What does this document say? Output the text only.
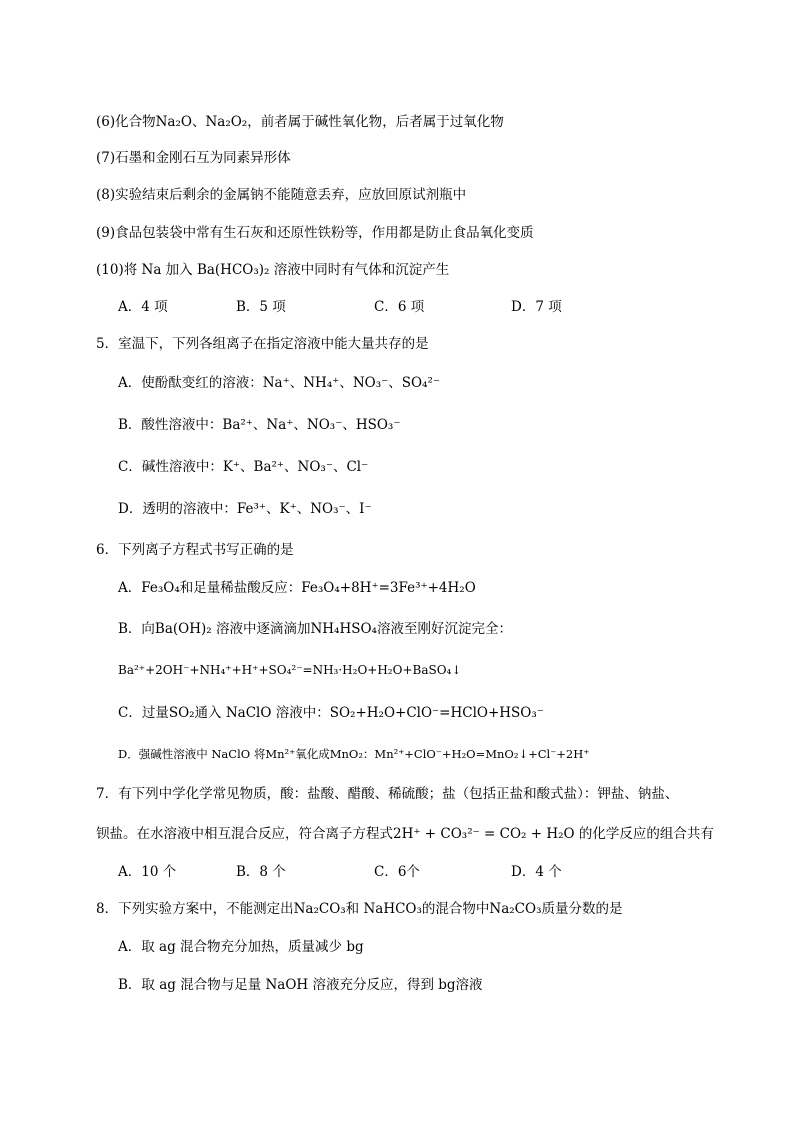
(6)化合物Na₂O、Na₂O₂，前者属于碱性氧化物，后者属于过氧化物
(7)石墨和金刚石互为同素异形体
(8)实验结束后剩余的金属钠不能随意丢弃，应放回原试剂瓶中
(9)食品包装袋中常有生石灰和还原性铁粉等，作用都是防止食品氧化变质
(10)将 Na 加入 Ba(HCO₃)₂ 溶液中同时有气体和沉淀产生
A．4 项	B．5 项	C．6 项	D．7 项
5．室温下，下列各组离子在指定溶液中能大量共存的是
A．使酚酞变红的溶液：Na⁺、NH₄⁺、NO₃⁻、SO₄²⁻
B．酸性溶液中：Ba²⁺、Na⁺、NO₃⁻、HSO₃⁻
C．碱性溶液中：K⁺、Ba²⁺、NO₃⁻、Cl⁻
D．透明的溶液中：Fe³⁺、K⁺、NO₃⁻、I⁻
6．下列离子方程式书写正确的是
A．Fe₃O₄和足量稀盐酸反应：Fe₃O₄+8H⁺=3Fe³⁺+4H₂O
B．向Ba(OH)₂ 溶液中逐滴滴加NH₄HSO₄溶液至刚好沉淀完全：
Ba²⁺+2OH⁻+NH₄⁺+H⁺+SO₄²⁻=NH₃·H₂O+H₂O+BaSO₄↓
C．过量SO₂通入 NaClO 溶液中：SO₂+H₂O+ClO⁻=HClO+HSO₃⁻
D．强碱性溶液中 NaClO 将Mn²⁺氧化成MnO₂：Mn²⁺+ClO⁻+H₂O=MnO₂↓+Cl⁻+2H⁺
7．有下列中学化学常见物质，酸：盐酸、醋酸、稀硫酸；盐（包括正盐和酸式盐）：钾盐、钠盐、
钡盐。在水溶液中相互混合反应，符合离子方程式2H⁺ + CO₃²⁻ = CO₂ + H₂O 的化学反应的组合共有
A．10 个	B．8 个	C．6个	D．4 个
8．下列实验方案中，不能测定出Na₂CO₃和 NaHCO₃的混合物中Na₂CO₃质量分数的是
A．取 ag 混合物充分加热，质量减少 bg
B．取 ag 混合物与足量 NaOH 溶液充分反应，得到 bg溶液
